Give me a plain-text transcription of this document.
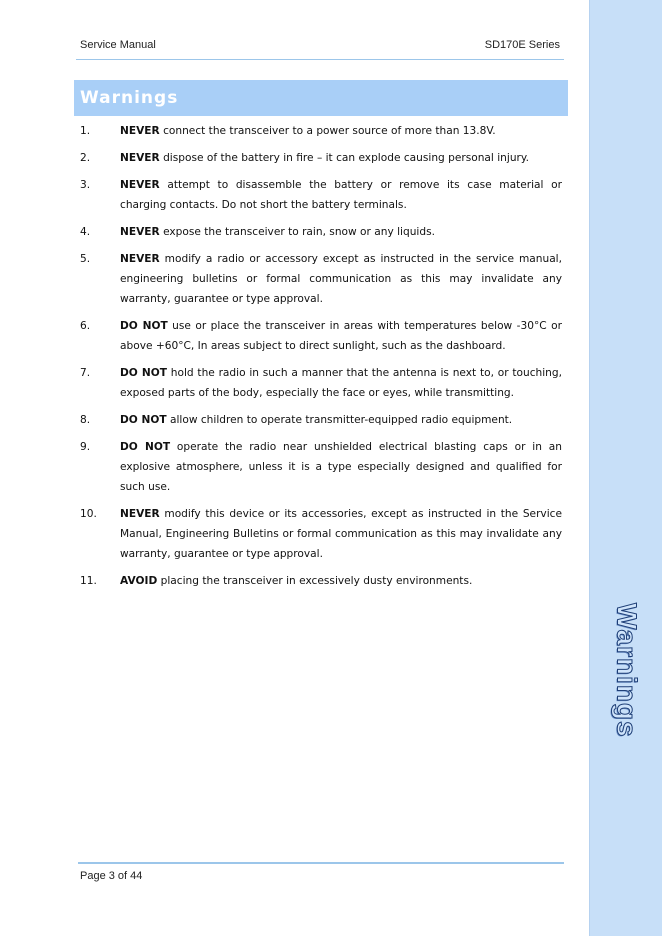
Service Manual	SD170E Series
Warnings
1.	NEVER connect the transceiver to a power source of more than 13.8V.
2.	NEVER dispose of the battery in fire – it can explode causing personal injury.
3.	NEVER attempt to disassemble the battery or remove its case material or charging contacts. Do not short the battery terminals.
4.	NEVER expose the transceiver to rain, snow or any liquids.
5.	NEVER modify a radio or accessory except as instructed in the service manual, engineering bulletins or formal communication as this may invalidate any warranty, guarantee or type approval.
6.	DO NOT use or place the transceiver in areas with temperatures below -30°C or above +60°C, In areas subject to direct sunlight, such as the dashboard.
7.	DO NOT hold the radio in such a manner that the antenna is next to, or touching, exposed parts of the body, especially the face or eyes, while transmitting.
8.	DO NOT allow children to operate transmitter-equipped radio equipment.
9.	DO NOT operate the radio near unshielded electrical blasting caps or in an explosive atmosphere, unless it is a type especially designed and qualified for such use.
10. NEVER modify this device or its accessories, except as instructed in the Service Manual, Engineering Bulletins or formal communication as this may invalidate any warranty, guarantee or type approval.
11. AVOID placing the transceiver in excessively dusty environments.
Page 3 of 44
Warnings
